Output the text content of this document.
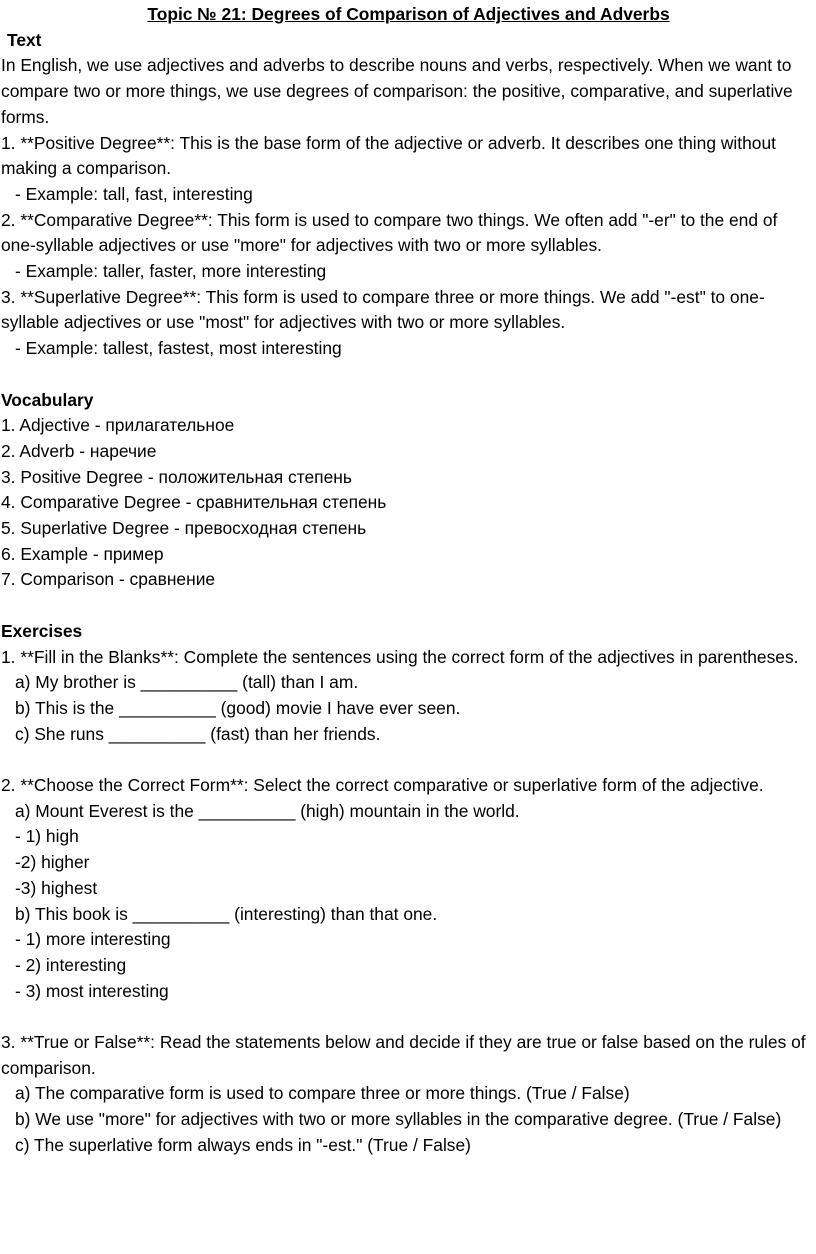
Topic № 21: Degrees of Comparison of Adjectives and Adverbs
Text

In English, we use adjectives and adverbs to describe nouns and verbs, respectively. When we want to compare two or more things, we use degrees of comparison: the positive, comparative, and superlative forms.

1. **Positive Degree**: This is the base form of the adjective or adverb. It describes one thing without making a comparison.

- Example: tall, fast, interesting

2. **Comparative Degree**: This form is used to compare two things. We often add "-er" to the end of one-syllable adjectives or use "more" for adjectives with two or more syllables.

- Example: taller, faster, more interesting

3. **Superlative Degree**: This form is used to compare three or more things. We add "-est" to one-syllable adjectives or use "most" for adjectives with two or more syllables.

- Example: tallest, fastest, most interesting

Vocabulary

1. Adjective - прилагательное

2. Adverb - наречие

3. Positive Degree - положительная степень

4. Comparative Degree - сравнительная степень

5. Superlative Degree - превосходная степень

6. Example - пример

7. Comparison - сравнение

Exercises

1. **Fill in the Blanks**: Complete the sentences using the correct form of the adjectives in parentheses.

a) My brother is __________ (tall) than I am.

b) This is the __________ (good) movie I have ever seen.

c) She runs __________ (fast) than her friends.

2. **Choose the Correct Form**: Select the correct comparative or superlative form of the adjective.

a) Mount Everest is the __________ (high) mountain in the world.

- 1) high

-2) higher

-3) highest

b) This book is __________ (interesting) than that one.

- 1) more interesting

- 2) interesting

- 3) most interesting

3. **True or False**: Read the statements below and decide if they are true or false based on the rules of comparison.

a) The comparative form is used to compare three or more things. (True / False)

b) We use "more" for adjectives with two or more syllables in the comparative degree. (True / False)

c) The superlative form always ends in "-est." (True / False)
